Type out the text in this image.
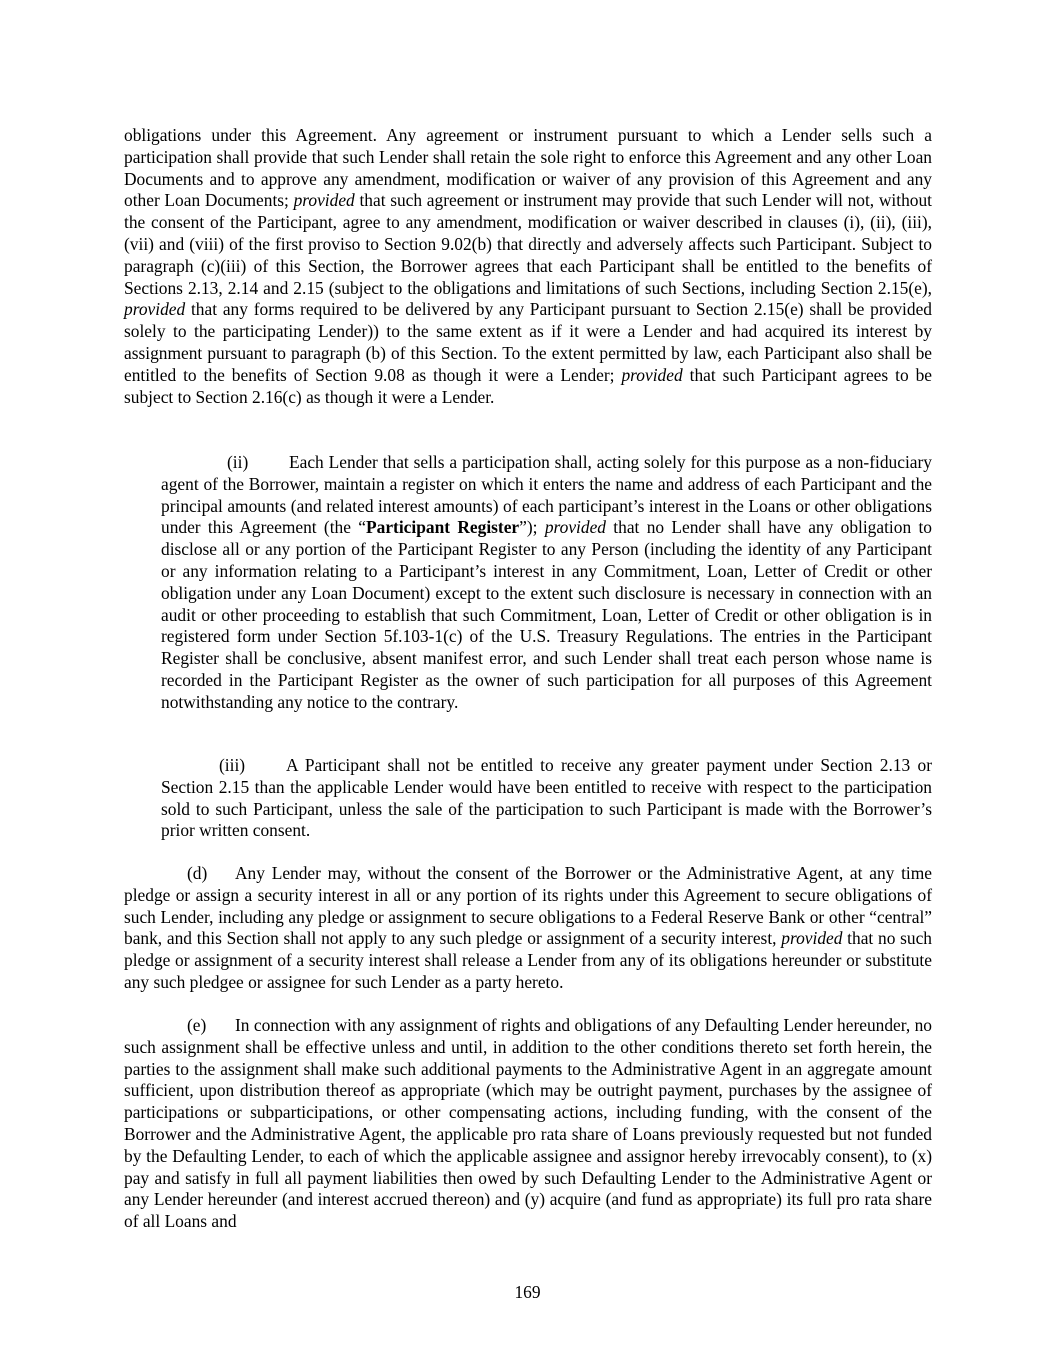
obligations under this Agreement. Any agreement or instrument pursuant to which a Lender sells such a participation shall provide that such Lender shall retain the sole right to enforce this Agreement and any other Loan Documents and to approve any amendment, modification or waiver of any provision of this Agreement and any other Loan Documents; provided that such agreement or instrument may provide that such Lender will not, without the consent of the Participant, agree to any amendment, modification or waiver described in clauses (i), (ii), (iii), (vii) and (viii) of the first proviso to Section 9.02(b) that directly and adversely affects such Participant. Subject to paragraph (c)(iii) of this Section, the Borrower agrees that each Participant shall be entitled to the benefits of Sections 2.13, 2.14 and 2.15 (subject to the obligations and limitations of such Sections, including Section 2.15(e), provided that any forms required to be delivered by any Participant pursuant to Section 2.15(e) shall be provided solely to the participating Lender)) to the same extent as if it were a Lender and had acquired its interest by assignment pursuant to paragraph (b) of this Section. To the extent permitted by law, each Participant also shall be entitled to the benefits of Section 9.08 as though it were a Lender; provided that such Participant agrees to be subject to Section 2.16(c) as though it were a Lender.

(ii) Each Lender that sells a participation shall, acting solely for this purpose as a non-fiduciary agent of the Borrower, maintain a register on which it enters the name and address of each Participant and the principal amounts (and related interest amounts) of each participant’s interest in the Loans or other obligations under this Agreement (the “Participant Register”); provided that no Lender shall have any obligation to disclose all or any portion of the Participant Register to any Person (including the identity of any Participant or any information relating to a Participant’s interest in any Commitment, Loan, Letter of Credit or other obligation under any Loan Document) except to the extent such disclosure is necessary in connection with an audit or other proceeding to establish that such Commitment, Loan, Letter of Credit or other obligation is in registered form under Section 5f.103-1(c) of the U.S. Treasury Regulations. The entries in the Participant Register shall be conclusive, absent manifest error, and such Lender shall treat each person whose name is recorded in the Participant Register as the owner of such participation for all purposes of this Agreement notwithstanding any notice to the contrary.

(iii) A Participant shall not be entitled to receive any greater payment under Section 2.13 or Section 2.15 than the applicable Lender would have been entitled to receive with respect to the participation sold to such Participant, unless the sale of the participation to such Participant is made with the Borrower’s prior written consent.

(d) Any Lender may, without the consent of the Borrower or the Administrative Agent, at any time pledge or assign a security interest in all or any portion of its rights under this Agreement to secure obligations of such Lender, including any pledge or assignment to secure obligations to a Federal Reserve Bank or other “central” bank, and this Section shall not apply to any such pledge or assignment of a security interest, provided that no such pledge or assignment of a security interest shall release a Lender from any of its obligations hereunder or substitute any such pledgee or assignee for such Lender as a party hereto.

(e) In connection with any assignment of rights and obligations of any Defaulting Lender hereunder, no such assignment shall be effective unless and until, in addition to the other conditions thereto set forth herein, the parties to the assignment shall make such additional payments to the Administrative Agent in an aggregate amount sufficient, upon distribution thereof as appropriate (which may be outright payment, purchases by the assignee of participations or subparticipations, or other compensating actions, including funding, with the consent of the Borrower and the Administrative Agent, the applicable pro rata share of Loans previously requested but not funded by the Defaulting Lender, to each of which the applicable assignee and assignor hereby irrevocably consent), to (x) pay and satisfy in full all payment liabilities then owed by such Defaulting Lender to the Administrative Agent or any Lender hereunder (and interest accrued thereon) and (y) acquire (and fund as appropriate) its full pro rata share of all Loans and

169
